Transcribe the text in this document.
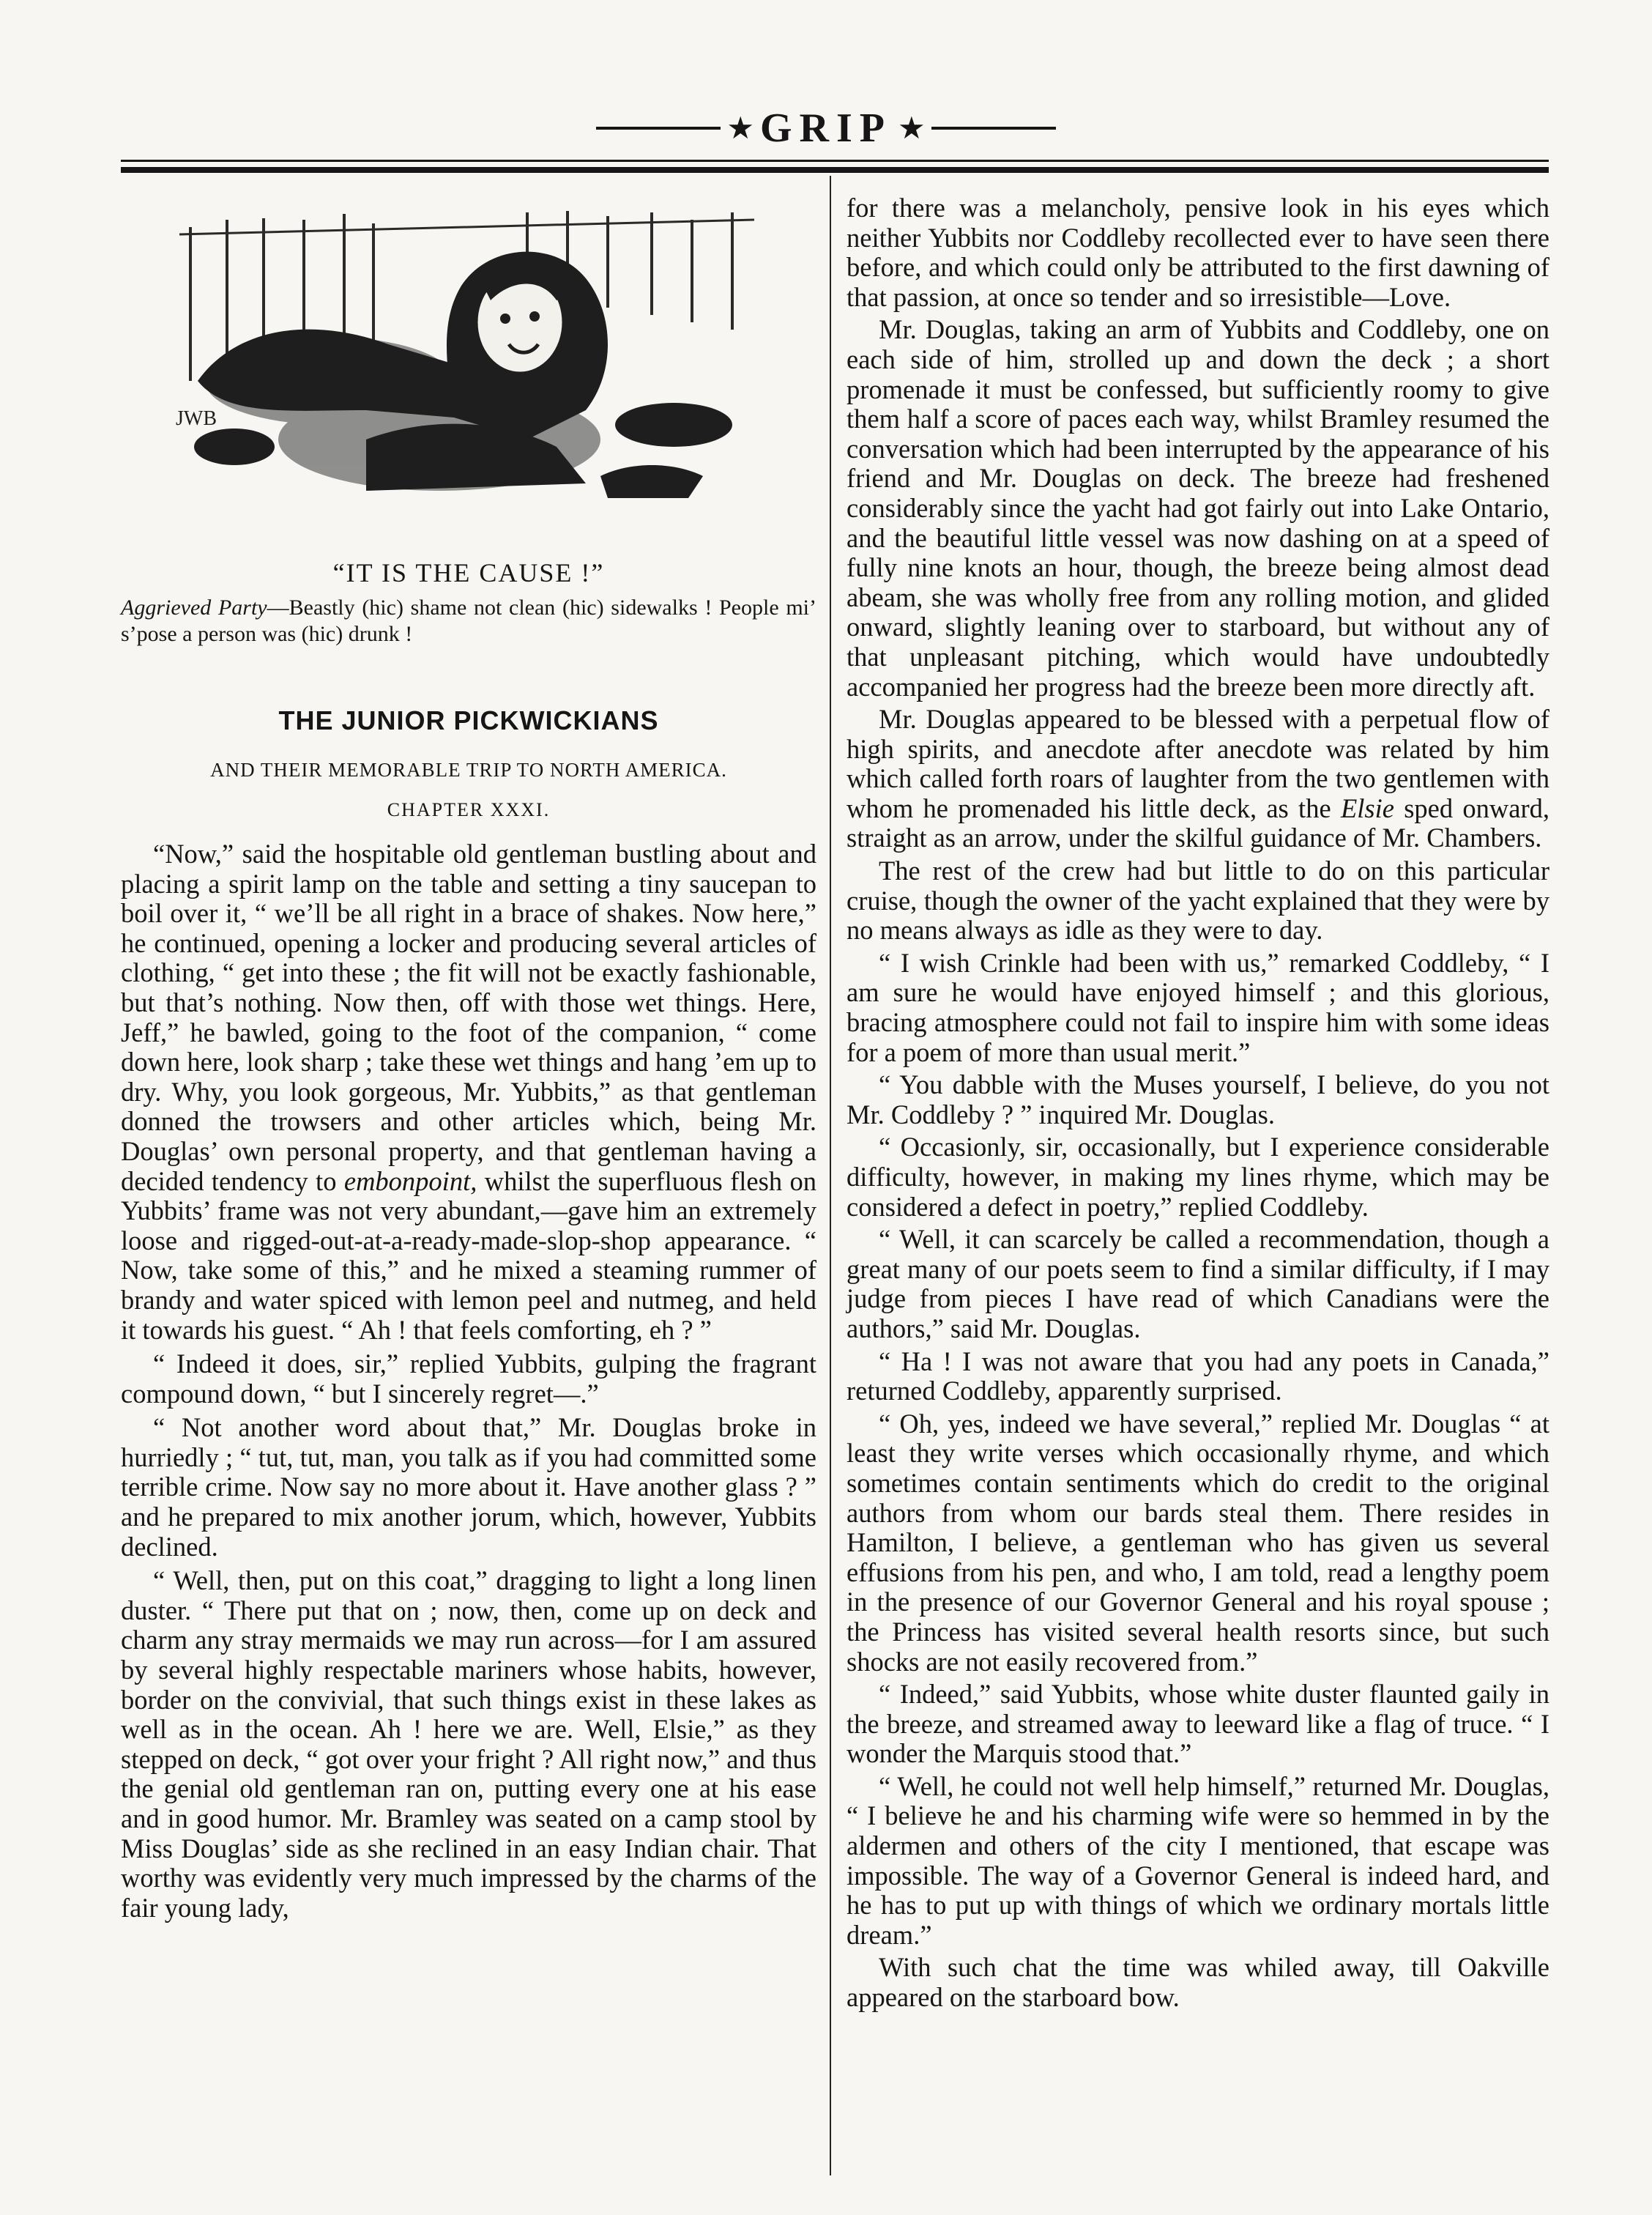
★ GRIP ★
JWB
“IT IS THE CAUSE !”
Aggrieved Party—Beastly (hic) shame not clean (hic) sidewalks ! People mi’ s’pose a person was (hic) drunk !
THE JUNIOR PICKWICKIANS
AND THEIR MEMORABLE TRIP TO NORTH AMERICA.
CHAPTER XXXI.

“Now,” said the hospitable old gentleman bustling about and placing a spirit lamp on the table and setting a tiny saucepan to boil over it, “ we’ll be all right in a brace of shakes. Now here,” he continued, opening a locker and producing several articles of clothing, “ get into these ; the fit will not be exactly fashionable, but that’s nothing. Now then, off with those wet things. Here, Jeff,” he bawled, going to the foot of the companion, “ come down here, look sharp ; take these wet things and hang ’em up to dry. Why, you look gorgeous, Mr. Yubbits,” as that gentleman donned the trowsers and other articles which, being Mr. Douglas’ own personal property, and that gentleman having a decided tendency to embonpoint, whilst the superfluous flesh on Yubbits’ frame was not very abundant,—gave him an extremely loose and rigged-out-at-a-ready-made-slop-shop appearance. “ Now, take some of this,” and he mixed a steaming rummer of brandy and water spiced with lemon peel and nutmeg, and held it towards his guest. “ Ah ! that feels comforting, eh ? ”

“ Indeed it does, sir,” replied Yubbits, gulping the fragrant compound down, “ but I sincerely regret—.”

“ Not another word about that,” Mr. Douglas broke in hurriedly ; “ tut, tut, man, you talk as if you had committed some terrible crime. Now say no more about it. Have another glass ? ” and he prepared to mix another jorum, which, however, Yubbits declined.

“ Well, then, put on this coat,” dragging to light a long linen duster. “ There put that on ; now, then, come up on deck and charm any stray mermaids we may run across—for I am assured by several highly respectable mariners whose habits, however, border on the convivial, that such things exist in these lakes as well as in the ocean. Ah ! here we are. Well, Elsie,” as they stepped on deck, “ got over your fright ? All right now,” and thus the genial old gentleman ran on, putting every one at his ease and in good humor. Mr. Bramley was seated on a camp stool by Miss Douglas’ side as she reclined in an easy Indian chair. That worthy was evidently very much impressed by the charms of the fair young lady,

for there was a melancholy, pensive look in his eyes which neither Yubbits nor Coddleby recollected ever to have seen there before, and which could only be attributed to the first dawning of that passion, at once so tender and so irresistible—Love.

Mr. Douglas, taking an arm of Yubbits and Coddleby, one on each side of him, strolled up and down the deck ; a short promenade it must be confessed, but sufficiently roomy to give them half a score of paces each way, whilst Bramley resumed the conversation which had been interrupted by the appearance of his friend and Mr. Douglas on deck. The breeze had freshened considerably since the yacht had got fairly out into Lake Ontario, and the beautiful little vessel was now dashing on at a speed of fully nine knots an hour, though, the breeze being almost dead abeam, she was wholly free from any rolling motion, and glided onward, slightly leaning over to starboard, but without any of that unpleasant pitching, which would have undoubtedly accompanied her progress had the breeze been more directly aft.

Mr. Douglas appeared to be blessed with a perpetual flow of high spirits, and anecdote after anecdote was related by him which called forth roars of laughter from the two gentlemen with whom he promenaded his little deck, as the Elsie sped onward, straight as an arrow, under the skilful guidance of Mr. Chambers.

The rest of the crew had but little to do on this particular cruise, though the owner of the yacht explained that they were by no means always as idle as they were to day.

“ I wish Crinkle had been with us,” remarked Coddleby, “ I am sure he would have enjoyed himself ; and this glorious, bracing atmosphere could not fail to inspire him with some ideas for a poem of more than usual merit.”

“ You dabble with the Muses yourself, I believe, do you not Mr. Coddleby ? ” inquired Mr. Douglas.

“ Occasionly, sir, occasionally, but I experience considerable difficulty, however, in making my lines rhyme, which may be considered a defect in poetry,” replied Coddleby.

“ Well, it can scarcely be called a recommendation, though a great many of our poets seem to find a similar difficulty, if I may judge from pieces I have read of which Canadians were the authors,” said Mr. Douglas.

“ Ha ! I was not aware that you had any poets in Canada,” returned Coddleby, apparently surprised.

“ Oh, yes, indeed we have several,” replied Mr. Douglas “ at least they write verses which occasionally rhyme, and which sometimes contain sentiments which do credit to the original authors from whom our bards steal them. There resides in Hamilton, I believe, a gentleman who has given us several effusions from his pen, and who, I am told, read a lengthy poem in the presence of our Governor General and his royal spouse ; the Princess has visited several health resorts since, but such shocks are not easily recovered from.”

“ Indeed,” said Yubbits, whose white duster flaunted gaily in the breeze, and streamed away to leeward like a flag of truce. “ I wonder the Marquis stood that.”

“ Well, he could not well help himself,” returned Mr. Douglas, “ I believe he and his charming wife were so hemmed in by the aldermen and others of the city I mentioned, that escape was impossible. The way of a Governor General is indeed hard, and he has to put up with things of which we ordinary mortals little dream.”

With such chat the time was whiled away, till Oakville appeared on the starboard bow.
